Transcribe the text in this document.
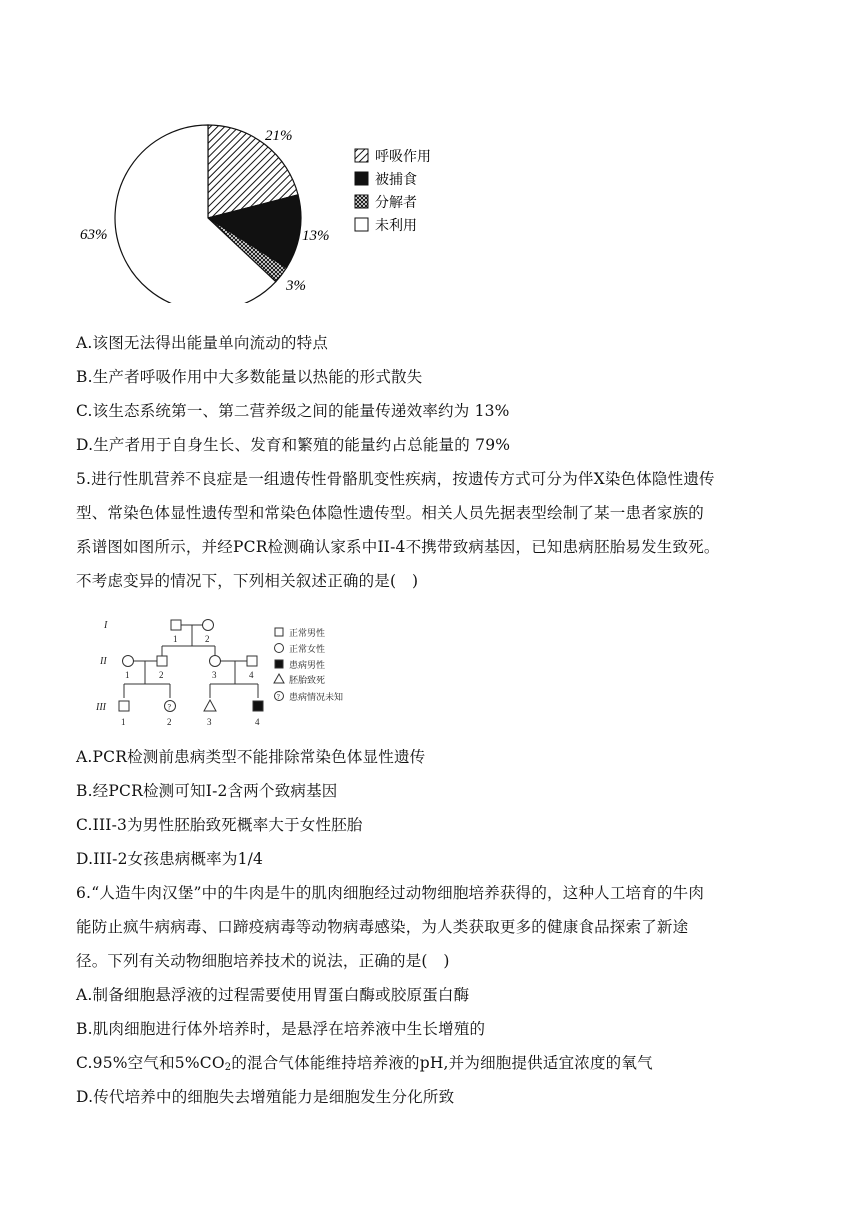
21%
13%
3%
63%
呼吸作用
被捕食
分解者
未利用
A.该图无法得出能量单向流动的特点
B.生产者呼吸作用中大多数能量以热能的形式散失
C.该生态系统第一、第二营养级之间的能量传递效率约为 13%
D.生产者用于自身生长、发育和繁殖的能量约占总能量的 79%
5.进行性肌营养不良症是一组遗传性骨骼肌变性疾病，按遗传方式可分为伴X染色体隐性遗传
型、常染色体显性遗传型和常染色体隐性遗传型。相关人员先据表型绘制了某一患者家族的
系谱图如图所示，并经PCR检测确认家系中II-4不携带致病基因，已知患病胚胎易发生致死。
不考虑变异的情况下，下列相关叙述正确的是(　)
I
II
III
1	2
1	2	3	4
1	2	3	4
?
?
正常男性
正常女性
患病男性
胚胎致死
患病情况未知
A.PCR检测前患病类型不能排除常染色体显性遗传
B.经PCR检测可知I-2含两个致病基因
C.III-3为男性胚胎致死概率大于女性胚胎
D.III-2女孩患病概率为1/4
6.“人造牛肉汉堡”中的牛肉是牛的肌肉细胞经过动物细胞培养获得的，这种人工培育的牛肉
能防止疯牛病病毒、口蹄疫病毒等动物病毒感染，为人类获取更多的健康食品探索了新途
径。下列有关动物细胞培养技术的说法，正确的是(　)
A.制备细胞悬浮液的过程需要使用胃蛋白酶或胶原蛋白酶
B.肌肉细胞进行体外培养时，是悬浮在培养液中生长增殖的
C.95%空气和$5\%CO_2$的混合气体能维持培养液的pH,并为细胞提供适宜浓度的氧气
D.传代培养中的细胞失去增殖能力是细胞发生分化所致
